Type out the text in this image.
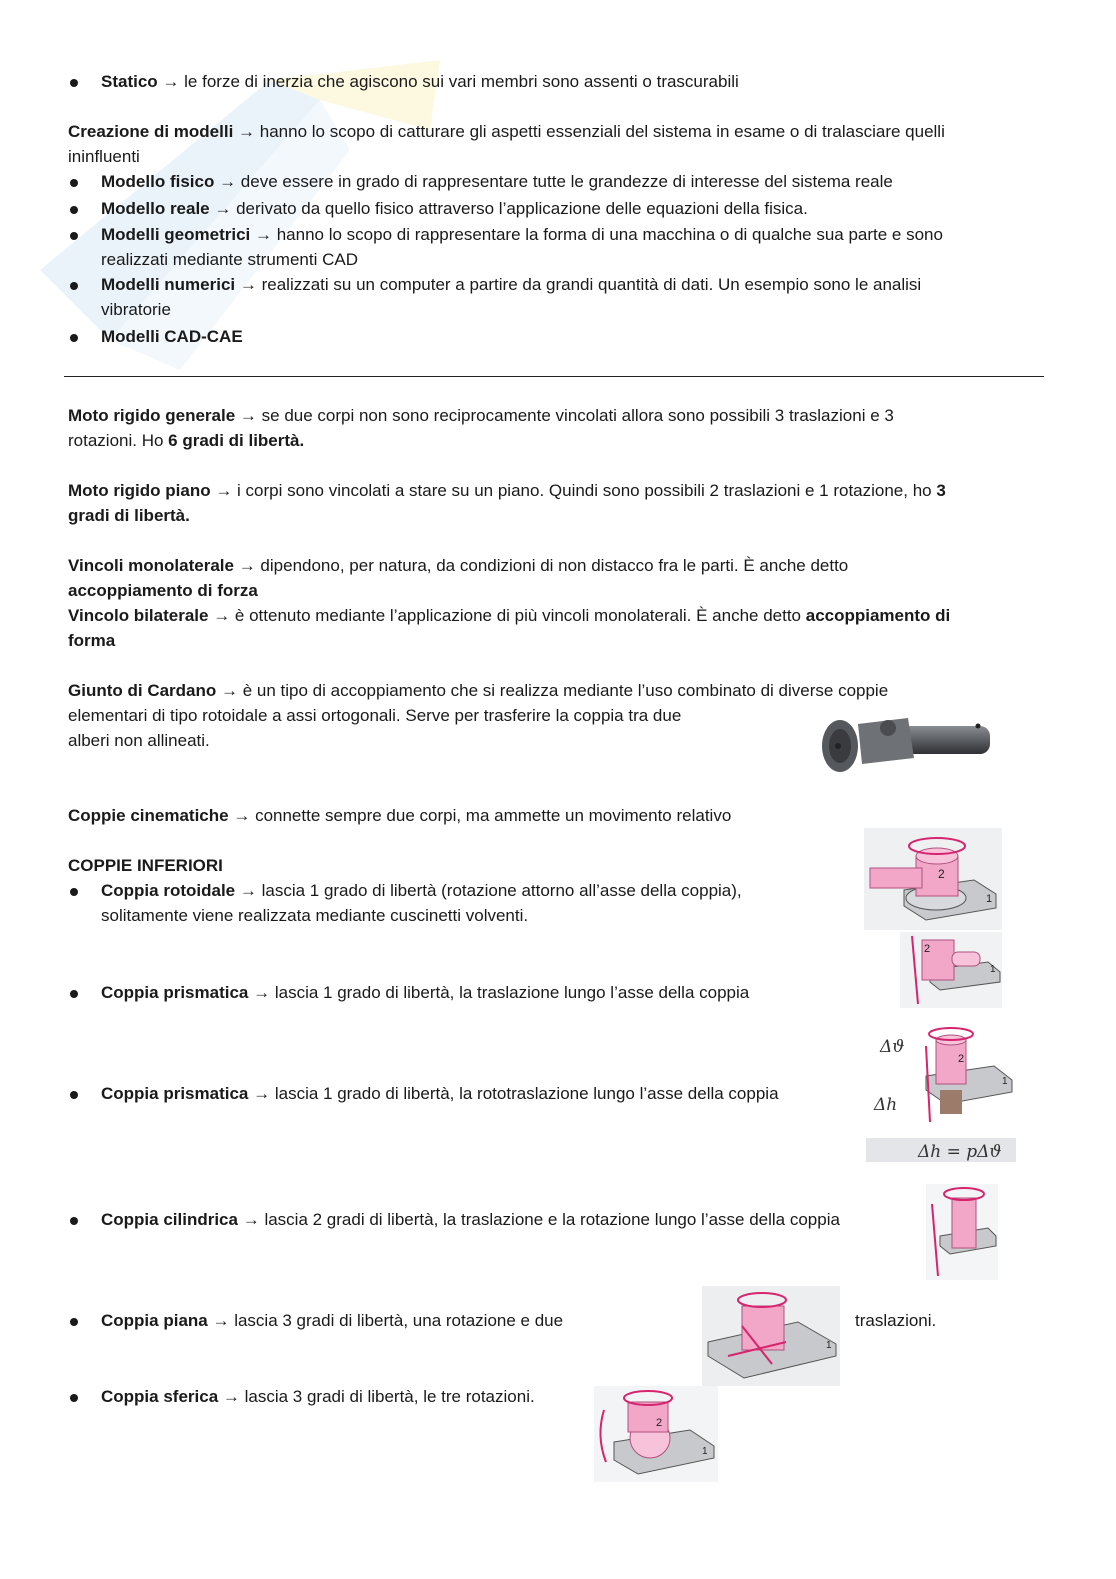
Statico → le forze di inerzia che agiscono sui vari membri sono assenti o trascurabili
Creazione di modelli → hanno lo scopo di catturare gli aspetti essenziali del sistema in esame o di tralasciare quelli
ininfluenti
Modello fisico → deve essere in grado di rappresentare tutte le grandezze di interesse del sistema reale
Modello reale → derivato da quello fisico attraverso l’applicazione delle equazioni della fisica.
Modelli geometrici → hanno lo scopo di rappresentare la forma di una macchina o di qualche sua parte e sono
realizzati mediante strumenti CAD
Modelli numerici → realizzati su un computer a partire da grandi quantità di dati. Un esempio sono le analisi
vibratorie
Modelli CAD-CAE
Moto rigido generale → se due corpi non sono reciprocamente vincolati allora sono possibili 3 traslazioni e 3
rotazioni. Ho 6 gradi di libertà.
Moto rigido piano → i corpi sono vincolati a stare su un piano. Quindi sono possibili 2 traslazioni e 1 rotazione, ho 3
gradi di libertà.
Vincoli monolaterale → dipendono, per natura, da condizioni di non distacco fra le parti. È anche detto
accoppiamento di forza
Vincolo bilaterale → è ottenuto mediante l’applicazione di più vincoli monolaterali. È anche detto accoppiamento di
forma
Giunto di Cardano → è un tipo di accoppiamento che si realizza mediante l’uso combinato di diverse coppie
elementari di tipo rotoidale a assi ortogonali. Serve per trasferire la coppia tra due
alberi non allineati.
Coppie cinematiche → connette sempre due corpi, ma ammette un movimento relativo
COPPIE INFERIORI
Coppia rotoidale → lascia 1 grado di libertà (rotazione attorno all’asse della coppia),
solitamente viene realizzata mediante cuscinetti volventi.
2
1
Coppia prismatica → lascia 1 grado di libertà, la traslazione lungo l’asse della coppia
2
1
Coppia prismatica → lascia 1 grado di libertà, la rototraslazione lungo l’asse della coppia
Δϑ
Δh
Δh = pΔϑ
2
1
Coppia cilindrica → lascia 2 gradi di libertà, la traslazione e la rotazione lungo l’asse della coppia
Coppia piana → lascia 3 gradi di libertà, una rotazione e due	traslazioni.
1
Coppia sferica → lascia 3 gradi di libertà, le tre rotazioni.
2
1
